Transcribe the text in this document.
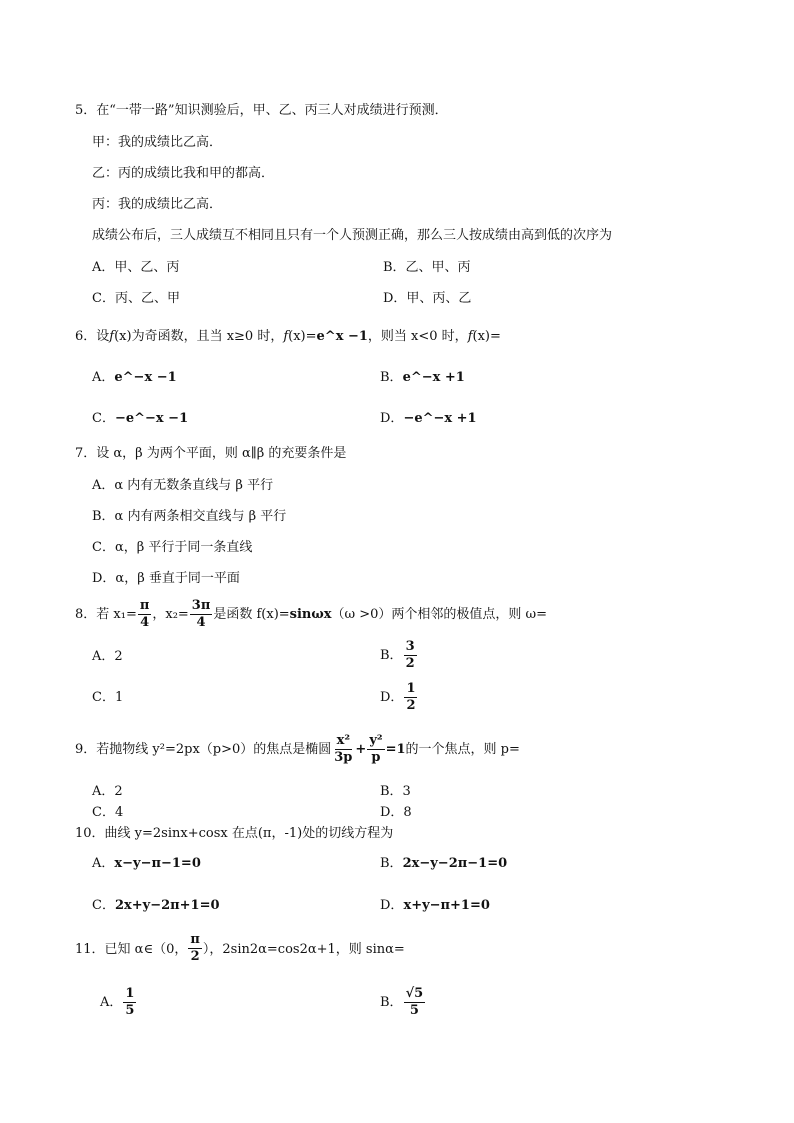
5．在“一带一路”知识测验后，甲、乙、丙三人对成绩进行预测．
甲：我的成绩比乙高．
乙：丙的成绩比我和甲的都高．
丙：我的成绩比乙高．
成绩公布后，三人成绩互不相同且只有一个人预测正确，那么三人按成绩由高到低的次序为
A．甲、乙、丙	B．乙、甲、丙
C．丙、乙、甲	D．甲、丙、乙
6．设f(x)为奇函数，且当 x≥0 时，f(x)=e^x −1，则当 x<0 时，f(x)=
A．e^−x −1	B．e^−x +1
C．−e^−x −1	D．−e^−x +1
7．设 α，β 为两个平面，则 α∥β 的充要条件是
A．α 内有无数条直线与 β 平行
B．α 内有两条相交直线与 β 平行
C．α，β 平行于同一条直线
D．α，β 垂直于同一平面
8．若 $x_1= \frac{\pi}{4}$ ，$x_2= \frac{3\pi}{4}$ 是函数 f(x)=sinωx（ω >0）两个相邻的极值点，则 ω=
A．2	B． $\frac{3}{2}$
C．1	D． $\frac{1}{2}$
9．若抛物线 y²=2px（p>0）的焦点是椭圆 $\frac{\text{x²}}{3p} + \frac{\text{y²}}{p} =1$的一个焦点，则 p=
A．2	B．3
C．4	D．8
10．曲线 y=2sinx+cosx 在点(π，-1)处的切线方程为
A．x−y−π−1=0	B．2x−y−2π−1=0
C．2x+y−2π+1=0	D．x+y−π+1=0
11．已知 α∈（0， $\frac{\pi}{2}$ ），2sin2α=cos2α+1，则 sinα=
A． $\frac{1}{5}$	B． $\frac{√5}{5}$
